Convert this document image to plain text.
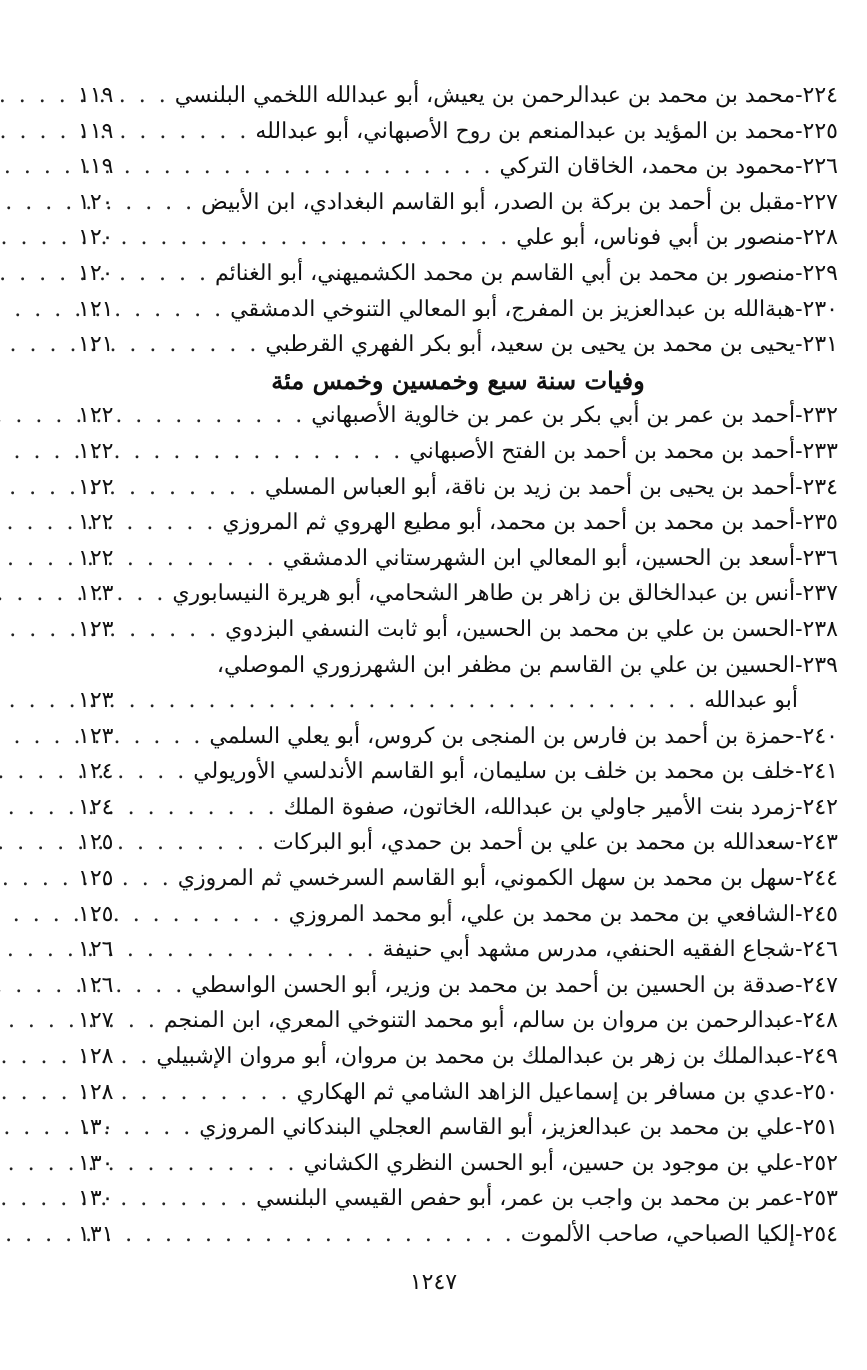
٢٢٤-
محمد بن محمد بن عبدالرحمن بن يعيش، أبو عبدالله اللخمي البلنسي
. . .
١١٩
٢٢٥-
محمد بن المؤيد بن عبدالمنعم بن روح الأصبهاني، أبو عبدالله
. . .
١١٩
٢٢٦-
محمود بن محمد، الخاقان التركي
. . .
١١٩
٢٢٧-
مقبل بن أحمد بن بركة بن الصدر، أبو القاسم البغدادي، ابن الأبيض
. . .
١٢٠
٢٢٨-
منصور بن أبي فوناس، أبو علي
. . .
١٢٠
٢٢٩-
منصور بن محمد بن أبي القاسم بن محمد الكشميهني، أبو الغنائم
. . .
١٢٠
٢٣٠-
هبةالله بن عبدالعزيز بن المفرج، أبو المعالي التنوخي الدمشقي
. . .
١٢١
٢٣١-
يحيى بن محمد بن يحيى بن سعيد، أبو بكر الفهري القرطبي
. . .
١٢١
وفيات سنة سبع وخمسين وخمس مئة
٢٣٢-
أحمد بن عمر بن أبي بكر بن عمر بن خالوية الأصبهاني
. . .
١٢٢
٢٣٣-
أحمد بن محمد بن أحمد بن الفتح الأصبهاني
. . .
١٢٢
٢٣٤-
أحمد بن يحيى بن أحمد بن زيد بن ناقة، أبو العباس المسلي
. . .
١٢٢
٢٣٥-
أحمد بن محمد بن أحمد بن محمد، أبو مطيع الهروي ثم المروزي
. . .
١٢٢
٢٣٦-
أسعد بن الحسين، أبو المعالي ابن الشهرستاني الدمشقي
. . .
١٢٢
٢٣٧-
أنس بن عبدالخالق بن زاهر بن طاهر الشحامي، أبو هريرة النيسابوري
. . .
١٢٣
٢٣٨-
الحسن بن علي بن محمد بن الحسين، أبو ثابت النسفي البزدوي
. . .
١٢٣
٢٣٩-
الحسين بن علي بن القاسم بن مظفر ابن الشهرزوري الموصلي،
أبو عبدالله
. . .
١٢٣
٢٤٠-
حمزة بن أحمد بن فارس بن المنجى بن كروس، أبو يعلي السلمي
. . .
١٢٣
٢٤١-
خلف بن محمد بن خلف بن سليمان، أبو القاسم الأندلسي الأوريولي
. . .
١٢٤
٢٤٢-
زمرد بنت الأمير جاولي بن عبدالله، الخاتون، صفوة الملك
. . .
١٢٤
٢٤٣-
سعدالله بن محمد بن علي بن أحمد بن حمدي، أبو البركات
. . .
١٢٥
٢٤٤-
سهل بن محمد بن سهل الكموني، أبو القاسم السرخسي ثم المروزي
. . .
١٢٥
٢٤٥-
الشافعي بن محمد بن محمد بن علي، أبو محمد المروزي
. . .
١٢٥
٢٤٦-
شجاع الفقيه الحنفي، مدرس مشهد أبي حنيفة
. . .
١٢٦
٢٤٧-
صدقة بن الحسين بن أحمد بن محمد بن وزير، أبو الحسن الواسطي
. . .
١٢٦
٢٤٨-
عبدالرحمن بن مروان بن سالم، أبو محمد التنوخي المعري، ابن المنجم
. . .
١٢٧
٢٤٩-
عبدالملك بن زهر بن عبدالملك بن محمد بن مروان، أبو مروان الإشبيلي
. . .
١٢٨
٢٥٠-
عدي بن مسافر بن إسماعيل الزاهد الشامي ثم الهكاري
. . .
١٢٨
٢٥١-
علي بن محمد بن عبدالعزيز، أبو القاسم العجلي البندكاني المروزي
. . .
١٣٠
٢٥٢-
علي بن موجود بن حسين، أبو الحسن النظري الكشاني
. . .
١٣٠
٢٥٣-
عمر بن محمد بن واجب بن عمر، أبو حفص القيسي البلنسي
. . .
١٣٠
٢٥٤-
إلكيا الصباحي، صاحب الألموت
. . .
١٣١
١٢٤٧
